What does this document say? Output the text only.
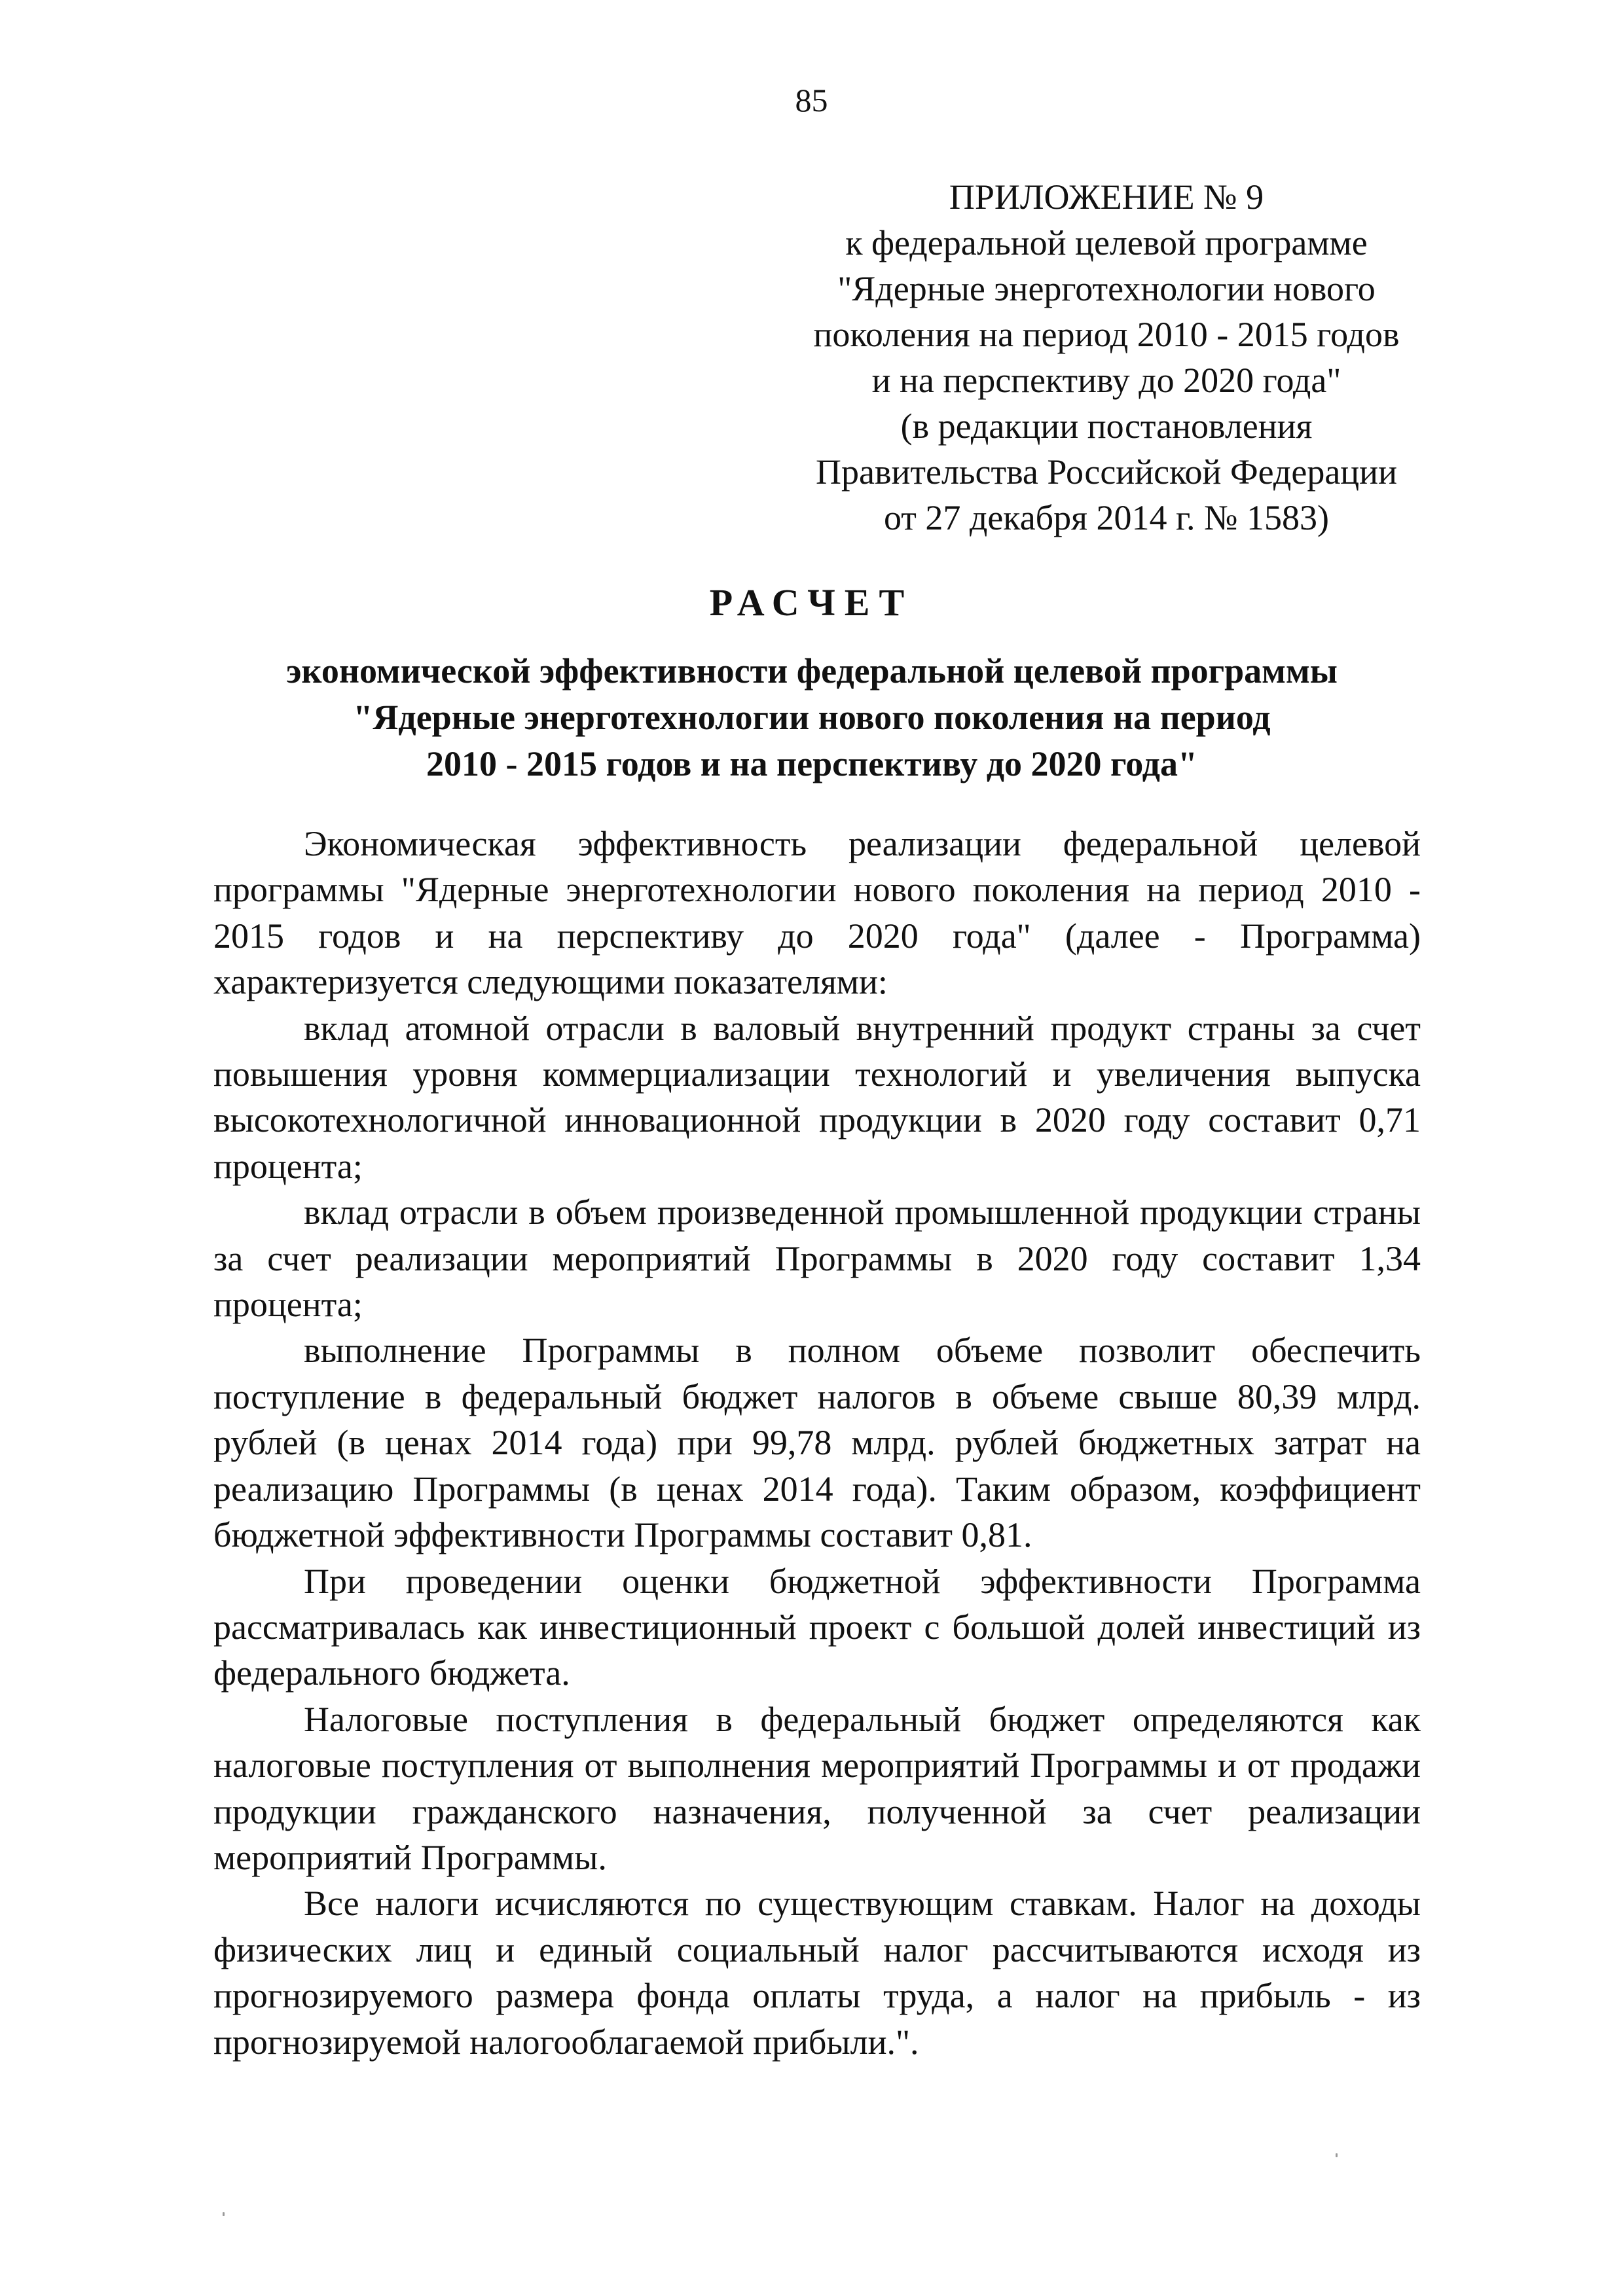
85
ПРИЛОЖЕНИЕ № 9
к федеральной целевой программе
"Ядерные энерготехнологии нового
поколения на период 2010 - 2015 годов
и на перспективу до 2020 года"
(в редакции постановления
Правительства Российской Федерации
от 27 декабря 2014 г. № 1583)
РАСЧЕТ
экономической эффективности федеральной целевой программы
"Ядерные энерготехнологии нового поколения на период
2010 - 2015 годов и на перспективу до 2020 года"

Экономическая эффективность реализации федеральной целевой программы "Ядерные энерготехнологии нового поколения на период 2010 - 2015 годов и на перспективу до 2020 года" (далее - Программа) характеризуется следующими показателями:

вклад атомной отрасли в валовый внутренний продукт страны за счет повышения уровня коммерциализации технологий и увеличения выпуска высокотехнологичной инновационной продукции в 2020 году составит 0,71 процента;

вклад отрасли в объем произведенной промышленной продукции страны за счет реализации мероприятий Программы в 2020 году составит 1,34 процента;

выполнение Программы в полном объеме позволит обеспечить поступление в федеральный бюджет налогов в объеме свыше 80,39 млрд. рублей (в ценах 2014 года) при 99,78 млрд. рублей бюджетных затрат на реализацию Программы (в ценах 2014 года). Таким образом, коэффициент бюджетной эффективности Программы составит 0,81.

При проведении оценки бюджетной эффективности Программа рассматривалась как инвестиционный проект с большой долей инвестиций из федерального бюджета.

Налоговые поступления в федеральный бюджет определяются как налоговые поступления от выполнения мероприятий Программы и от продажи продукции гражданского назначения, полученной за счет реализации мероприятий Программы.

Все налоги исчисляются по существующим ставкам. Налог на доходы физических лиц и единый социальный налог рассчитываются исходя из прогнозируемого размера фонда оплаты труда, а налог на прибыль - из прогнозируемой налогооблагаемой прибыли.".
